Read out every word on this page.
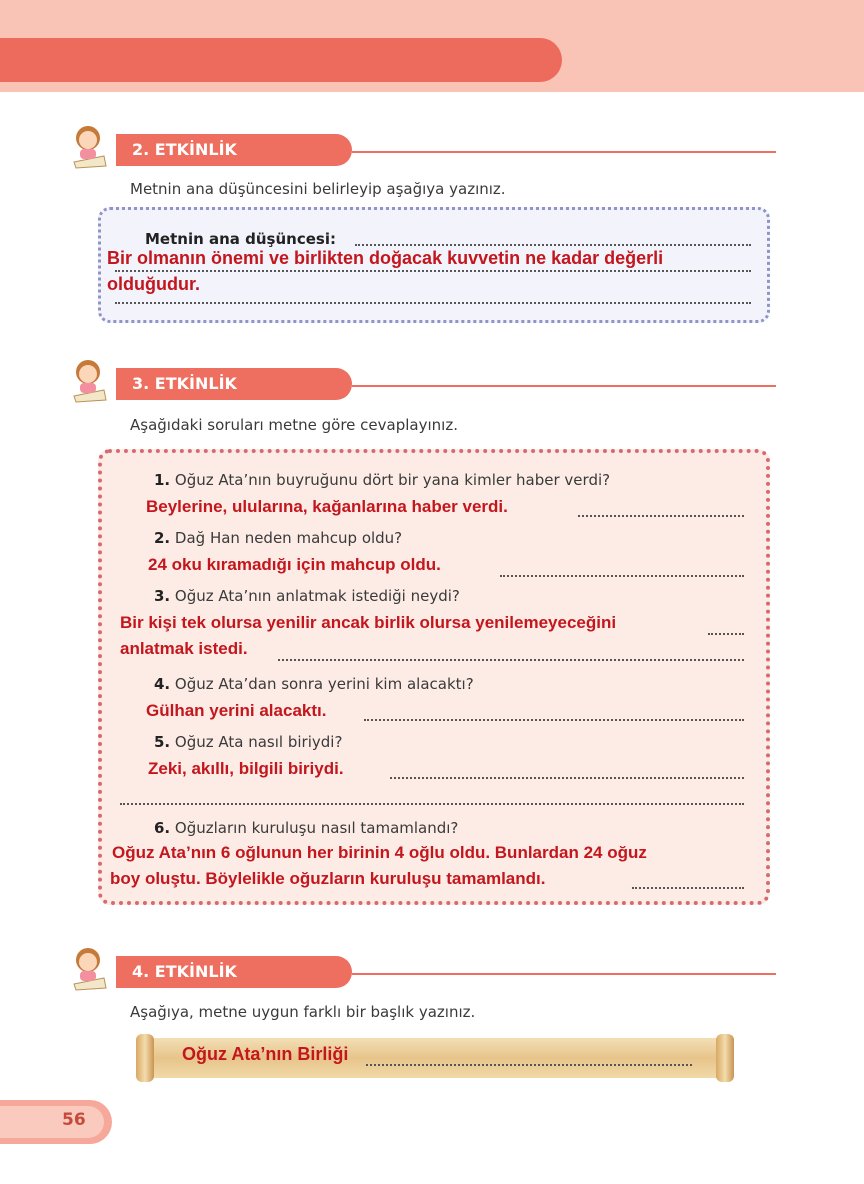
2. ETKİNLİK
Metnin ana düşüncesini belirleyip aşağıya yazınız.
Metnin ana düşüncesi:
Bir olmanın önemi ve birlikten doğacak kuvvetin ne kadar değerli
olduğudur.
3. ETKİNLİK
Aşağıdaki soruları metne göre cevaplayınız.
1. Oğuz Ata’nın buyruğunu dört bir yana kimler haber verdi?
Beylerine, ulularına, kağanlarına haber verdi.
2. Dağ Han neden mahcup oldu?
24 oku kıramadığı için mahcup oldu.
3. Oğuz Ata’nın anlatmak istediği neydi?
Bir kişi tek olursa yenilir ancak birlik olursa yenilemeyeceğini
anlatmak istedi.
4. Oğuz Ata’dan sonra yerini kim alacaktı?
Gülhan yerini alacaktı.
5. Oğuz Ata nasıl biriydi?
Zeki, akıllı, bilgili biriydi.
6. Oğuzların kuruluşu nasıl tamamlandı?
Oğuz Ata’nın 6 oğlunun her birinin 4 oğlu oldu. Bunlardan 24 oğuz
boy oluştu. Böylelikle oğuzların kuruluşu tamamlandı.
4. ETKİNLİK
Aşağıya, metne uygun farklı bir başlık yazınız.
Oğuz Ata’nın Birliği
56
